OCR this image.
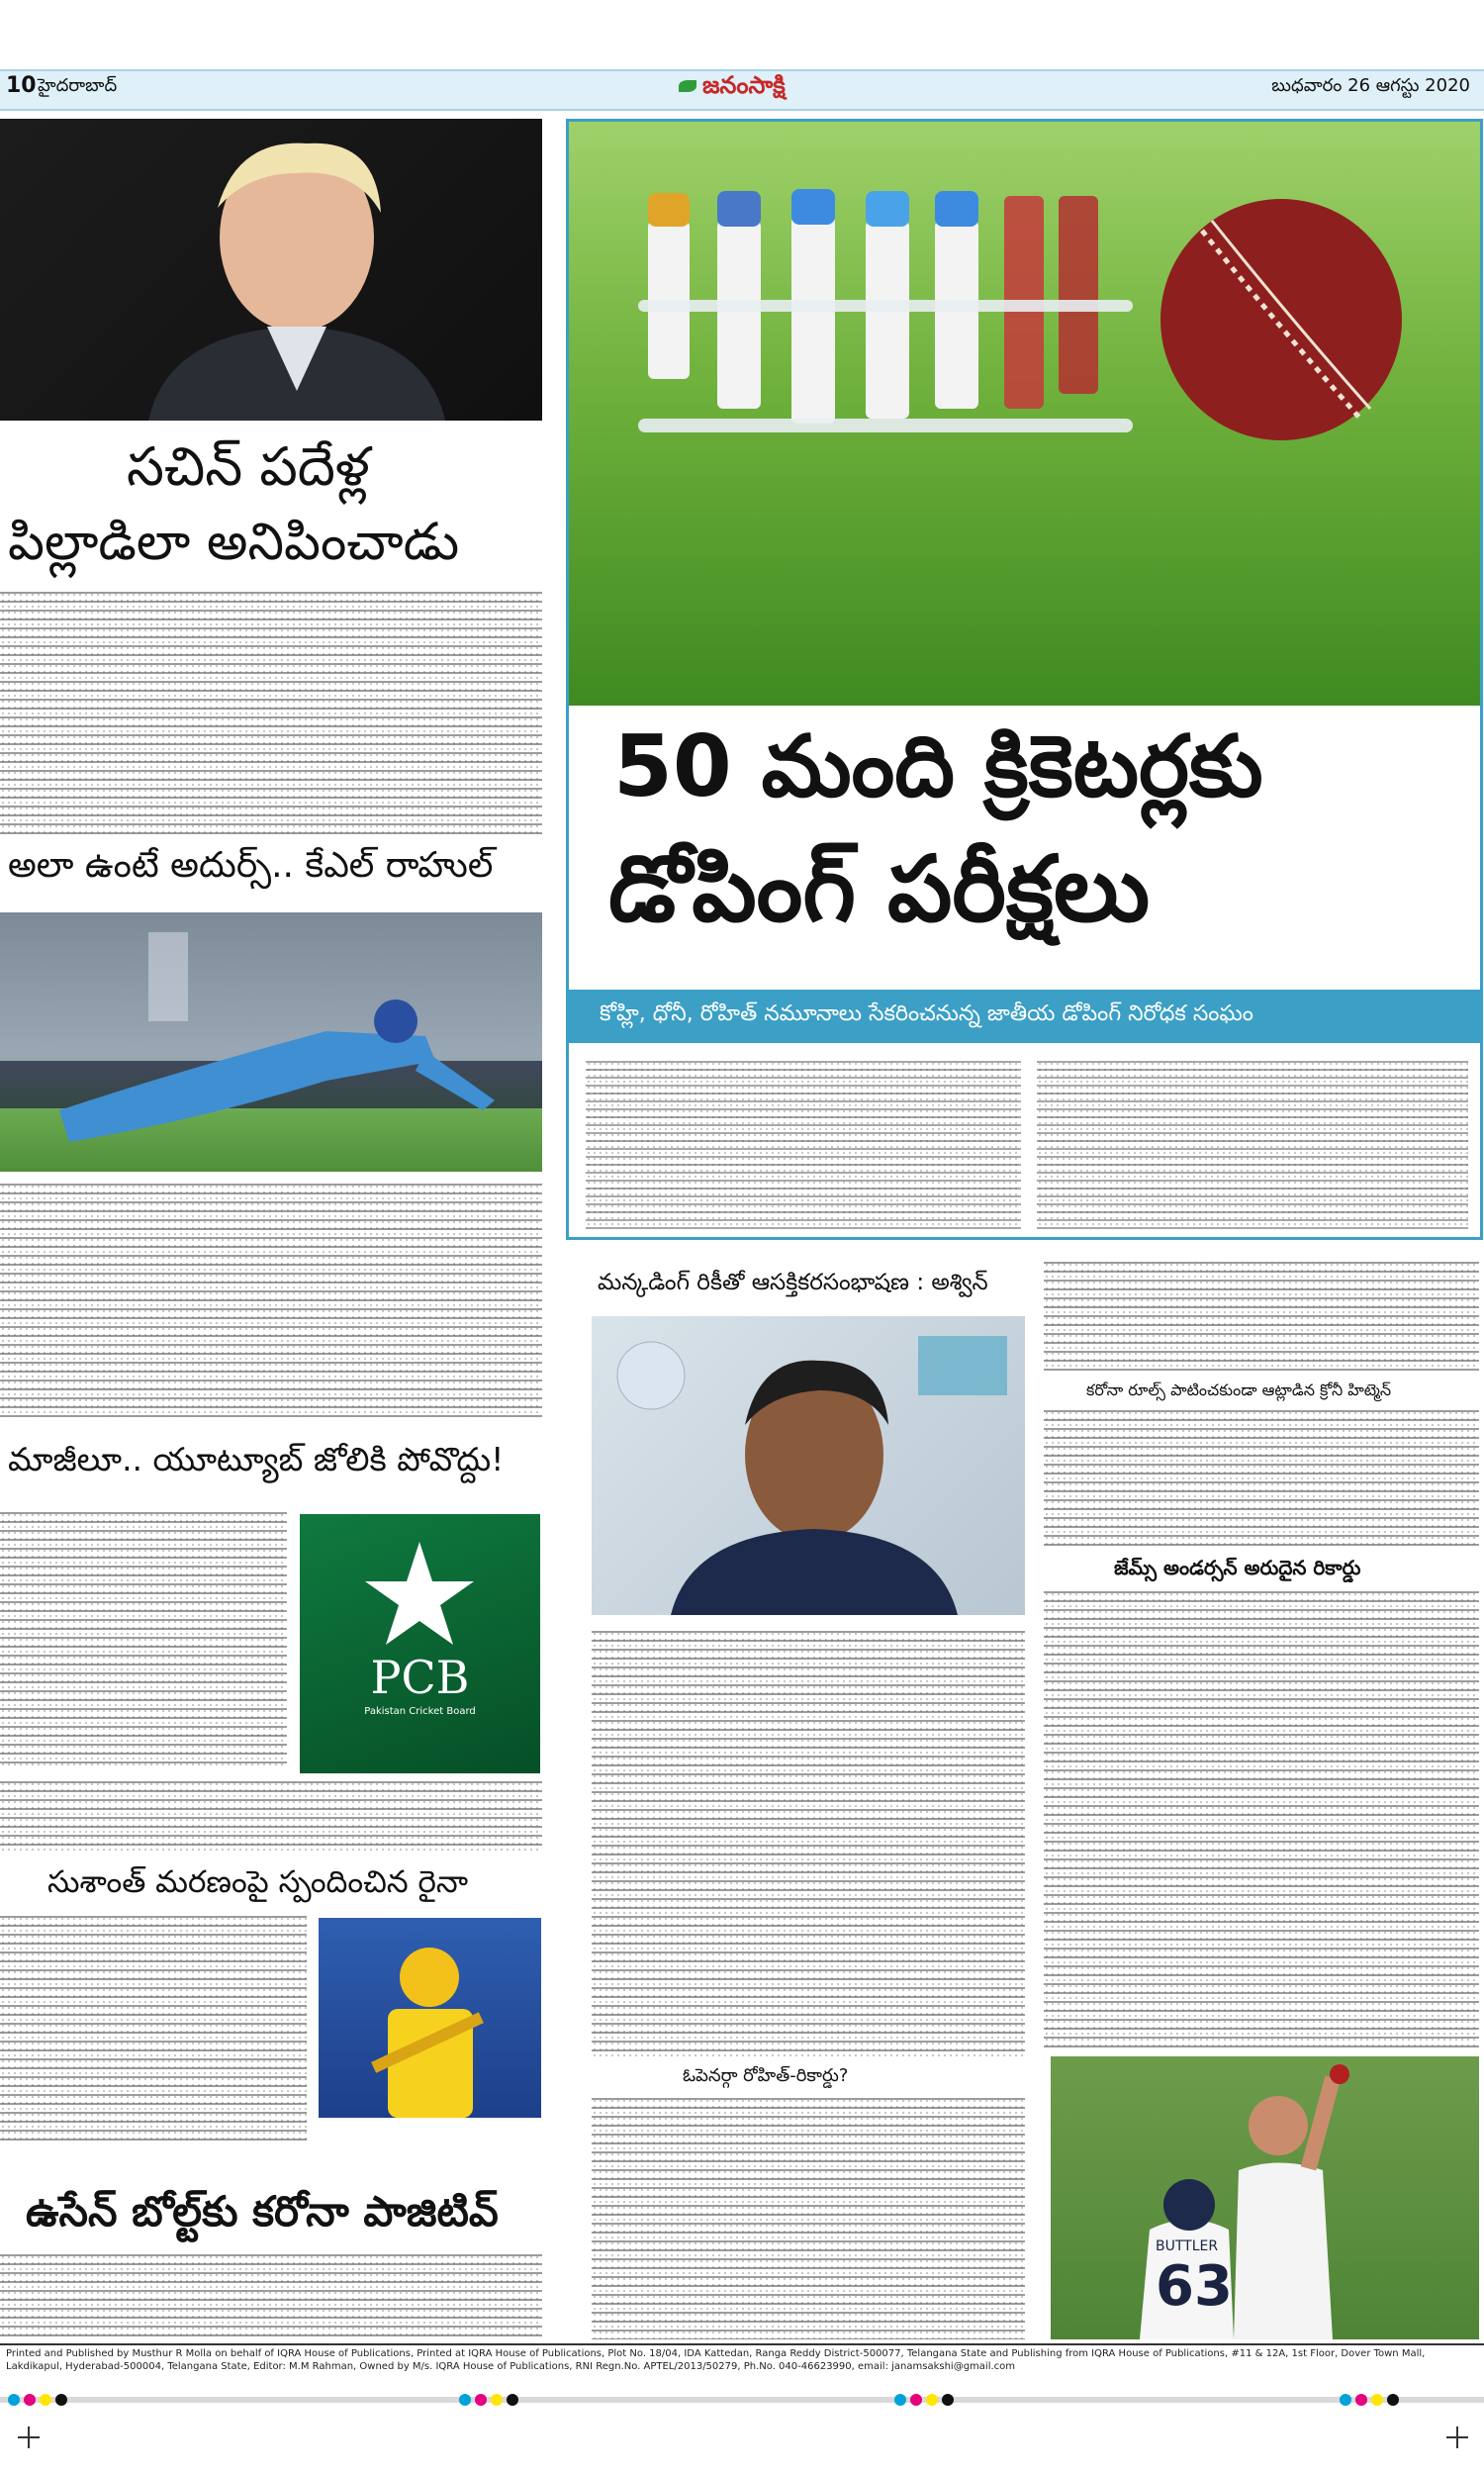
10 హైదరాబాద్	జనంసాక్షి	బుధవారం 26 ఆగస్టు 2020
సచిన్ పదేళ్ల
పిల్లాడిలా అనిపించాడు
అలా ఉంటే అదుర్స్.. కేఎల్ రాహుల్
మాజీలూ.. యూట్యూబ్ జోలికి పోవొద్దు!
PCB
Pakistan Cricket Board
సుశాంత్ మరణంపై స్పందించిన రైనా
ఉసేన్ బోల్ట్‌కు కరోనా పాజిటివ్
50 మంది క్రికెటర్లకు
డోపింగ్ పరీక్షలు
కోహ్లి, ధోనీ, రోహిత్ నమూనాలు సేకరించనున్న జాతీయ డోపింగ్ నిరోధక సంఘం
మన్కడింగ్ రికీతో ఆసక్తికరసంభాషణ : అశ్విన్
ఓపెనర్గా రోహిత్-రికార్డు?
కరోనా రూల్స్ పాటించకుండా ఆట్లాడిన క్రోనీ హిట్మెన్
జేమ్స్ అండర్సన్ అరుదైన రికార్డు
BUTTLER
63
Printed and Published by Musthur R Molla on behalf of IQRA House of Publications, Printed at IQRA House of Publications, Plot No. 18/04, IDA Kattedan, Ranga Reddy District-500077, Telangana State and Publishing from IQRA House of Publications, #11 & 12A, 1st Floor, Dover Town Mall, Lakdikapul, Hyderabad-500004, Telangana State, Editor: M.M Rahman, Owned by M/s. IQRA House of Publications, RNI Regn.No. APTEL/2013/50279, Ph.No. 040-46623990, email: janamsakshi@gmail.com
